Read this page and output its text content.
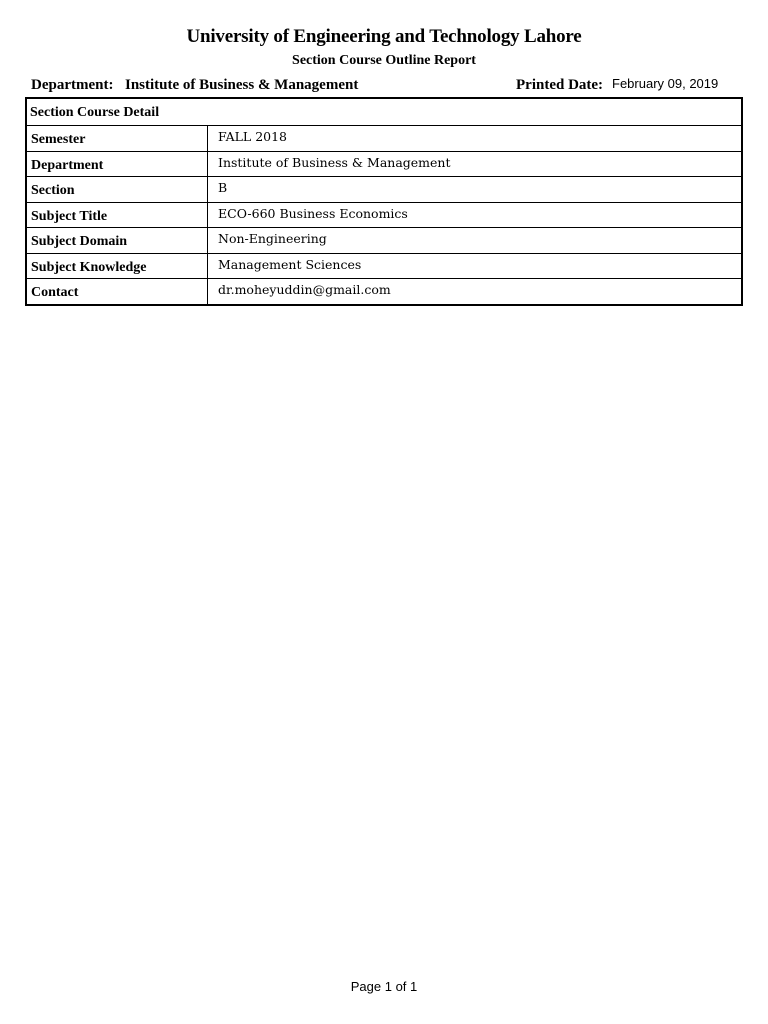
University of Engineering and Technology Lahore
Section Course Outline Report
Department: Institute of Business & Management	Printed Date: February 09, 2019
Section Course Detail
Semester	FALL 2018
Department	Institute of Business & Management
Section	B
Subject Title	ECO-660 Business Economics
Subject Domain	Non-Engineering
Subject Knowledge	Management Sciences
Contact	dr.moheyuddin@gmail.com
Page 1 of 1
